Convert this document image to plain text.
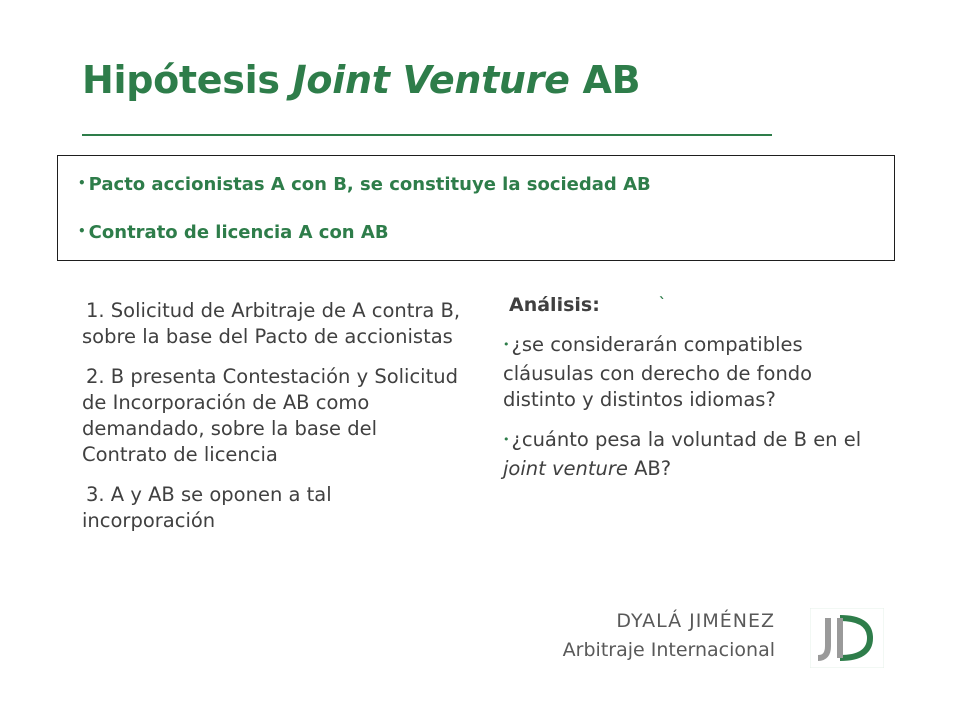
Hipótesis Joint Venture AB
• Pacto accionistas A con B, se constituye la sociedad AB
• Contrato de licencia A con AB

1. Solicitud de Arbitraje de A contra B, sobre la base del Pacto de accionistas

2. B presenta Contestación y Solicitud de Incorporación de AB como demandado, sobre la base del Contrato de licencia

3. A y AB se oponen a tal incorporación

Análisis:	`

• ¿se considerarán compatibles cláusulas con derecho de fondo distinto y distintos idiomas?

• ¿cuánto pesa la voluntad de B en el joint venture AB?

DYALÁ JIMÉNEZ
Arbitraje Internacional
